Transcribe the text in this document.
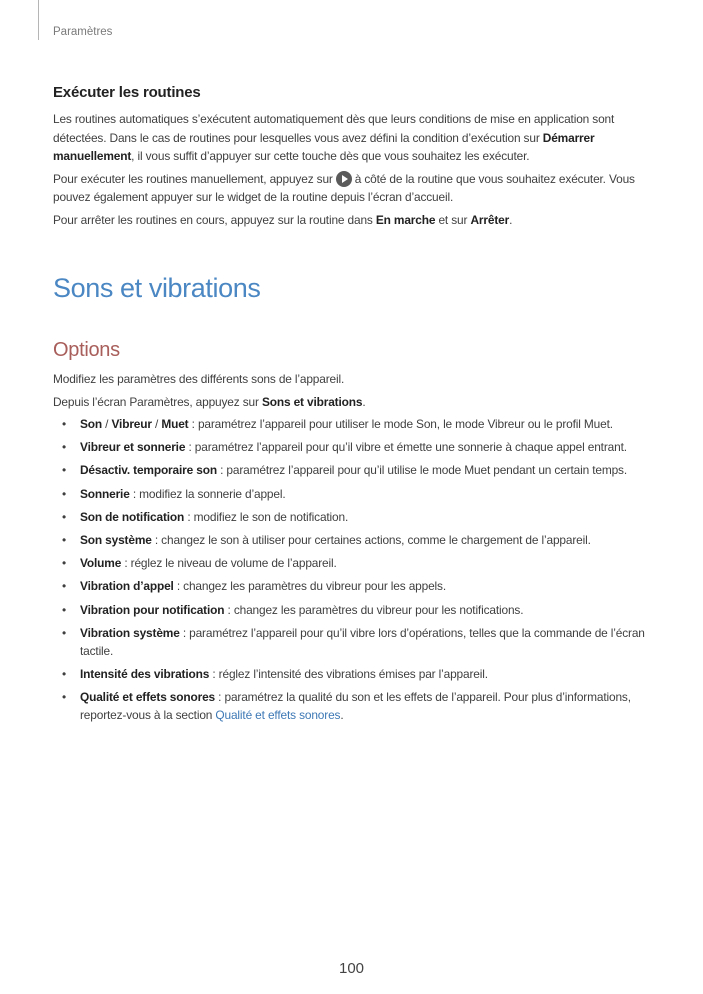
Paramètres
Exécuter les routines

Les routines automatiques s’exécutent automatiquement dès que leurs conditions de mise en application sont détectées. Dans le cas de routines pour lesquelles vous avez défini la condition d’exécution sur Démarrer manuellement, il vous suffit d’appuyer sur cette touche dès que vous souhaitez les exécuter.

Pour exécuter les routines manuellement, appuyez sur à côté de la routine que vous souhaitez exécuter. Vous pouvez également appuyer sur le widget de la routine depuis l’écran d’accueil.

Pour arrêter les routines en cours, appuyez sur la routine dans En marche et sur Arrêter.

Sons et vibrations
Options

Modifiez les paramètres des différents sons de l’appareil.

Depuis l’écran Paramètres, appuyez sur Sons et vibrations.

• Son / Vibreur / Muet : paramétrez l’appareil pour utiliser le mode Son, le mode Vibreur ou le profil Muet.
• Vibreur et sonnerie : paramétrez l’appareil pour qu’il vibre et émette une sonnerie à chaque appel entrant.
• Désactiv. temporaire son : paramétrez l’appareil pour qu’il utilise le mode Muet pendant un certain temps.
• Sonnerie : modifiez la sonnerie d’appel.
• Son de notification : modifiez le son de notification.
• Son système : changez le son à utiliser pour certaines actions, comme le chargement de l’appareil.
• Volume : réglez le niveau de volume de l’appareil.
• Vibration d’appel : changez les paramètres du vibreur pour les appels.
• Vibration pour notification : changez les paramètres du vibreur pour les notifications.
• Vibration système : paramétrez l’appareil pour qu’il vibre lors d’opérations, telles que la commande de l’écran tactile.
• Intensité des vibrations : réglez l’intensité des vibrations émises par l’appareil.
• Qualité et effets sonores : paramétrez la qualité du son et les effets de l’appareil. Pour plus d’informations, reportez-vous à la section Qualité et effets sonores.
100
